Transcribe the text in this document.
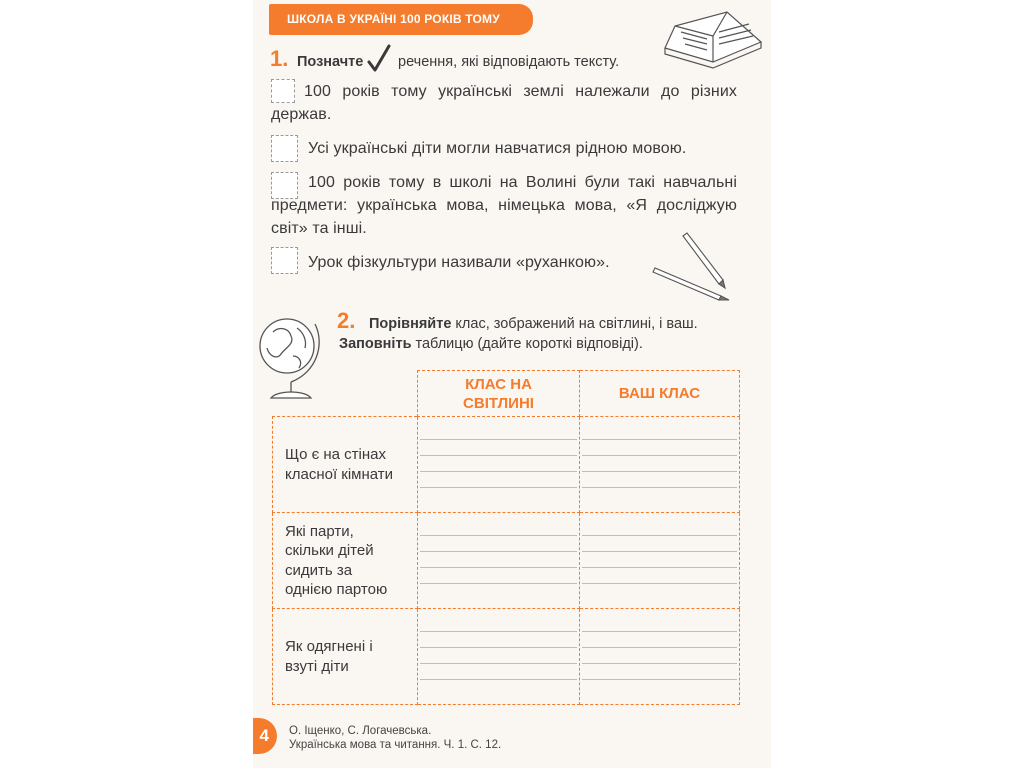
ШКОЛА В УКРАЇНІ 100 РОКІВ ТОМУ
1. Позначте речення, які відповідають тексту.
100 років тому українські землі належали до різних держав.
Усі українські діти могли навчатися рідною мовою.
100 років тому в школі на Волині були такі навчальні предмети: українська мова, німецька мова, «Я досліджую світ» та інші.
Урок фізкультури називали «руханкою».
2. Порівняйте клас, зображений на світлині, і ваш.
Заповніть таблицю (дайте короткі відповіді).
	КЛАС НА СВІТЛИНІ	ВАШ КЛАС
Що є на стінах класної кімнати	

Які парти, скільки дітей сидить за однією партою	

Як одягнені і взуті діти	

4	О. Іщенко, С. Логачевська.
Українська мова та читання. Ч. 1. С. 12.
